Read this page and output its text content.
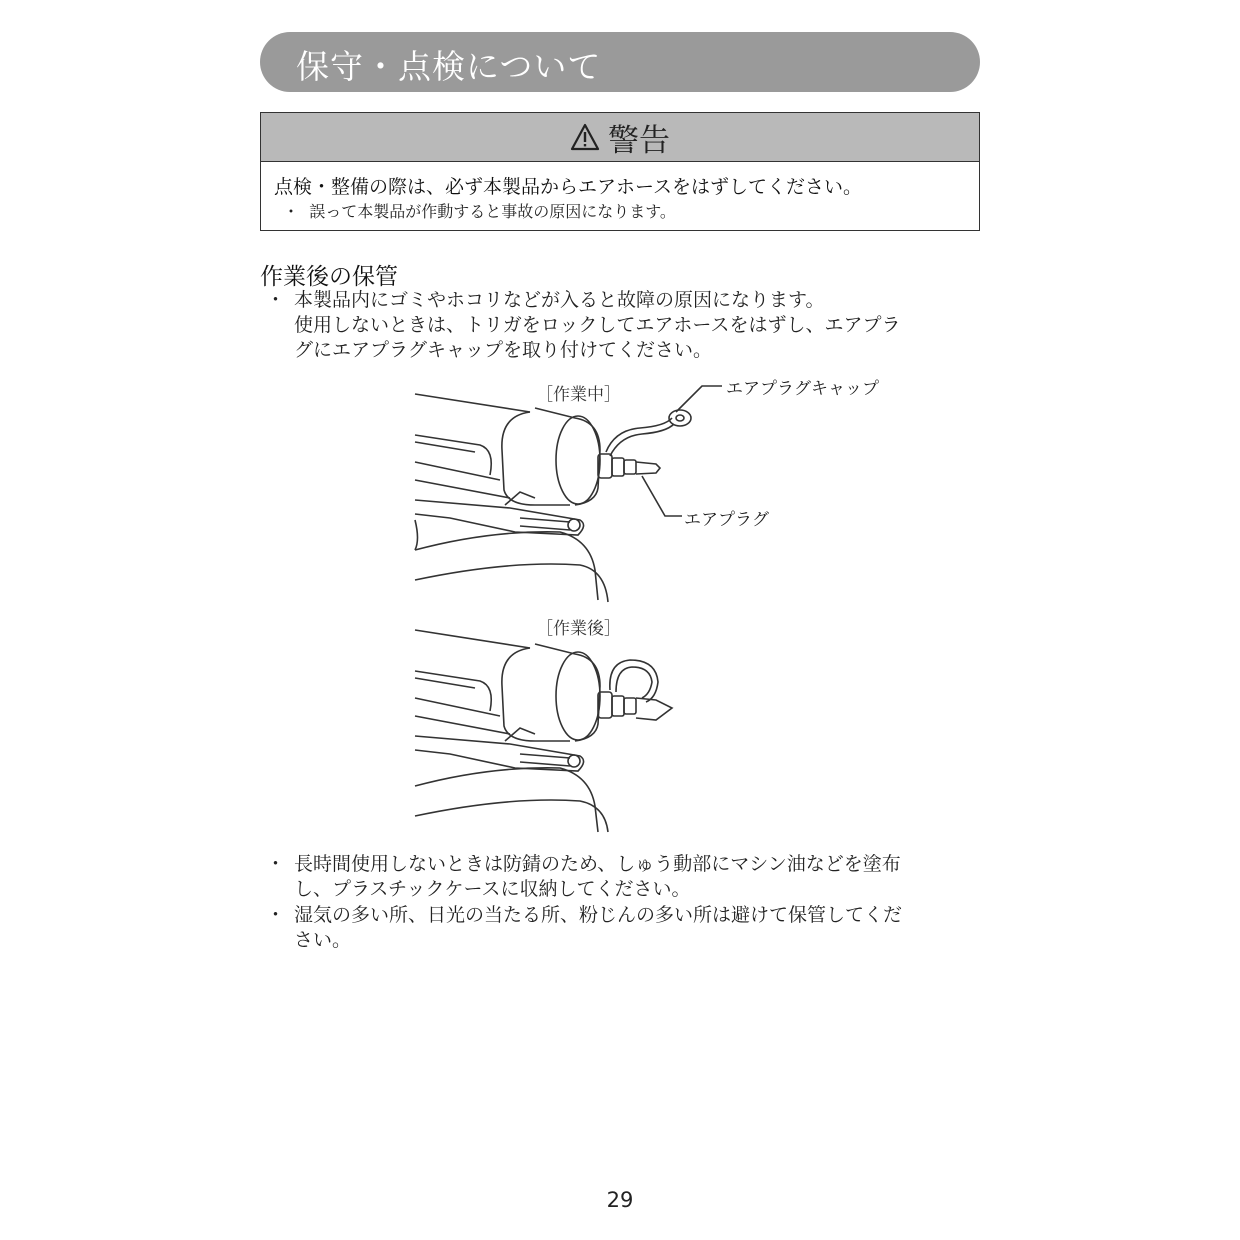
保守・点検について
警告
点検・整備の際は、必ず本製品からエアホースをはずしてください。
・ 誤って本製品が作動すると事故の原因になります。
作業後の保管
・ 本製品内にゴミやホコリなどが入ると故障の原因になります。
使用しないときは、トリガをロックしてエアホースをはずし、エアプラ
グにエアプラグキャップを取り付けてください。
［作業中］
［作業後］
エアプラグキャップ
エアプラグ
・ 長時間使用しないときは防錆のため、しゅう動部にマシン油などを塗布
し、プラスチックケースに収納してください。
・ 湿気の多い所、日光の当たる所、粉じんの多い所は避けて保管してくだ
さい。
29
